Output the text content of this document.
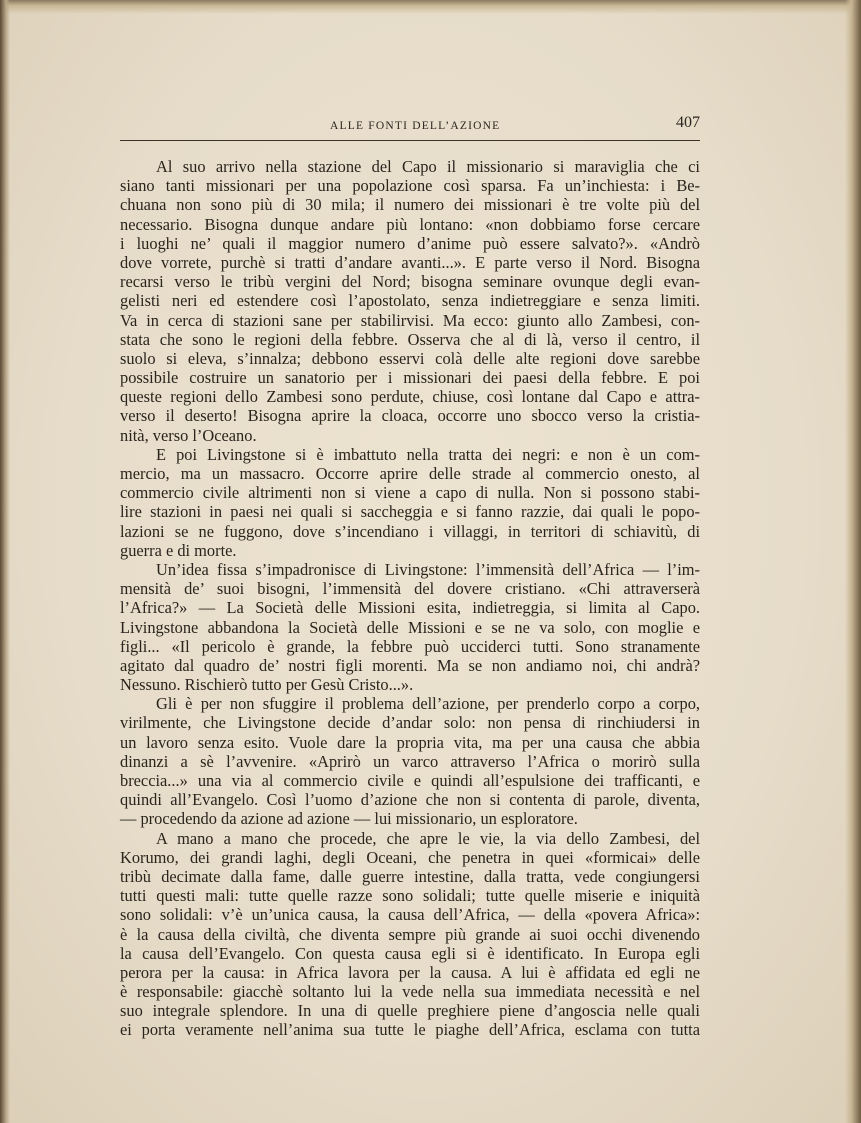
ALLE FONTI DELL’AZIONE	407
Al suo arrivo nella stazione del Capo il missionario si maraviglia che ci
siano tanti missionari per una popolazione così sparsa. Fa un’inchiesta: i Be-
chuana non sono più di 30 mila; il numero dei missionari è tre volte più del
necessario. Bisogna dunque andare più lontano: «non dobbiamo forse cercare
i luoghi ne’ quali il maggior numero d’anime può essere salvato?». «Andrò
dove vorrete, purchè si tratti d’andare avanti...». E parte verso il Nord. Bisogna
recarsi verso le tribù vergini del Nord; bisogna seminare ovunque degli evan-
gelisti neri ed estendere così l’apostolato, senza indietreggiare e senza limiti.
Va in cerca di stazioni sane per stabilirvisi. Ma ecco: giunto allo Zambesi, con-
stata che sono le regioni della febbre. Osserva che al di là, verso il centro, il
suolo si eleva, s’innalza; debbono esservi colà delle alte regioni dove sarebbe
possibile costruire un sanatorio per i missionari dei paesi della febbre. E poi
queste regioni dello Zambesi sono perdute, chiuse, così lontane dal Capo e attra-
verso il deserto! Bisogna aprire la cloaca, occorre uno sbocco verso la cristia-
nità, verso l’Oceano.
E poi Livingstone si è imbattuto nella tratta dei negri: e non è un com-
mercio, ma un massacro. Occorre aprire delle strade al commercio onesto, al
commercio civile altrimenti non si viene a capo di nulla. Non si possono stabi-
lire stazioni in paesi nei quali si saccheggia e si fanno razzie, dai quali le popo-
lazioni se ne fuggono, dove s’incendiano i villaggi, in territori di schiavitù, di
guerra e di morte.
Un’idea fissa s’impadronisce di Livingstone: l’immensità dell’Africa — l’im-
mensità de’ suoi bisogni, l’immensità del dovere cristiano. «Chi attraverserà
l’Africa?» — La Società delle Missioni esita, indietreggia, si limita al Capo.
Livingstone abbandona la Società delle Missioni e se ne va solo, con moglie e
figli... «Il pericolo è grande, la febbre può ucciderci tutti. Sono stranamente
agitato dal quadro de’ nostri figli morenti. Ma se non andiamo noi, chi andrà?
Nessuno. Rischierò tutto per Gesù Cristo...».
Gli è per non sfuggire il problema dell’azione, per prenderlo corpo a corpo,
virilmente, che Livingstone decide d’andar solo: non pensa di rinchiudersi in
un lavoro senza esito. Vuole dare la propria vita, ma per una causa che abbia
dinanzi a sè l’avvenire. «Aprirò un varco attraverso l’Africa o morirò sulla
breccia...» una via al commercio civile e quindi all’espulsione dei trafficanti, e
quindi all’Evangelo. Così l’uomo d’azione che non si contenta di parole, diventa,
— procedendo da azione ad azione — lui missionario, un esploratore.
A mano a mano che procede, che apre le vie, la via dello Zambesi, del
Korumo, dei grandi laghi, degli Oceani, che penetra in quei «formicai» delle
tribù decimate dalla fame, dalle guerre intestine, dalla tratta, vede congiungersi
tutti questi mali: tutte quelle razze sono solidali; tutte quelle miserie e iniquità
sono solidali: v’è un’unica causa, la causa dell’Africa, — della «povera Africa»:
è la causa della civiltà, che diventa sempre più grande ai suoi occhi divenendo
la causa dell’Evangelo. Con questa causa egli si è identificato. In Europa egli
perora per la causa: in Africa lavora per la causa. A lui è affidata ed egli ne
è responsabile: giacchè soltanto lui la vede nella sua immediata necessità e nel
suo integrale splendore. In una di quelle preghiere piene d’angoscia nelle quali
ei porta veramente nell’anima sua tutte le piaghe dell’Africa, esclama con tutta
